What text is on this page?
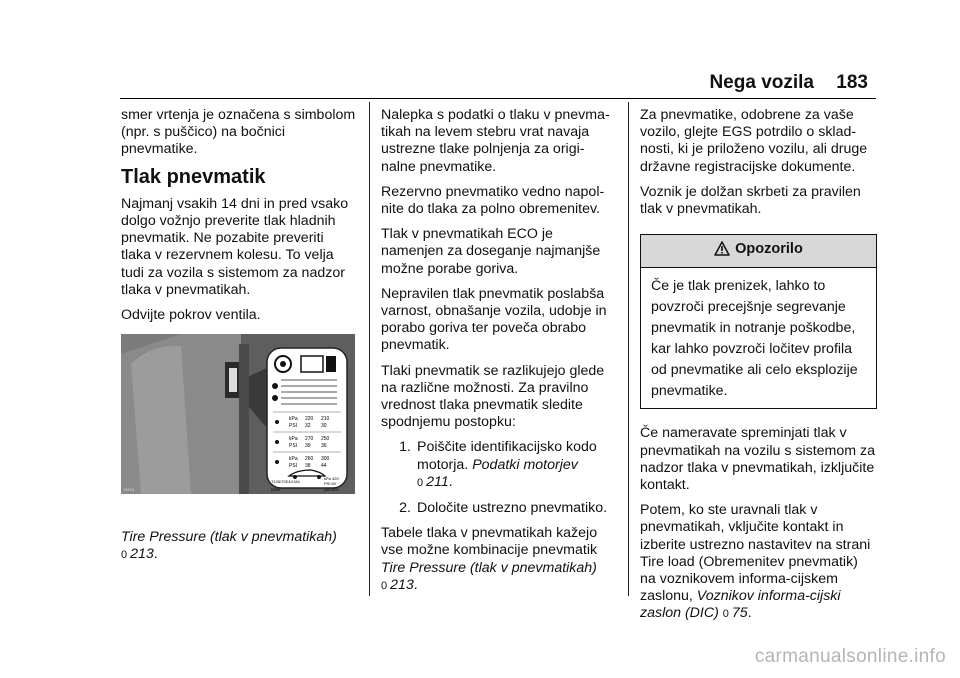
Nega vozila 183

smer vrtenja je označena s simbolom (npr. s puščico) na bočnici pnevmatike.

Tlak pnevmatik

Najmanj vsakih 14 dni in pred vsako dolgo vožnjo preverite tlak hladnih pnevmatik. Ne pozabite preveriti tlaka v rezervnem kolesu. To velja tudi za vozila s sistemom za nadzor tlaka v pnevmatikah.

Odvijte pokrov ventila.

kPa 220 210
PSI 32 30
kPa 270 250
PSI 39 36
kPa 260 300
PSI 38 44
T105/70D14 M4
kPa 420
PSI 60
DD50	pdo 0276
19194
Tire Pressure (tlak v pnevmatikah)
0 213.

Nalepka s podatki o tlaku v pnevma-tikah na levem stebru vrat navaja ustrezne tlake polnjenja za origi-nalne pnevmatike.

Rezervno pnevmatiko vedno napol-nite do tlaka za polno obremenitev.

Tlak v pnevmatikah ECO je namenjen za doseganje najmanjše možne porabe goriva.

Nepravilen tlak pnevmatik poslabša varnost, obnašanje vozila, udobje in porabo goriva ter poveča obrabo pnevmatik.

Tlaki pnevmatik se razlikujejo glede na različne možnosti. Za pravilno vrednost tlaka pnevmatik sledite spodnjemu postopku:

1. Poiščite identifikacijsko kodo motorja. Podatki motorjev
0 211.
2. Določite ustrezno pnevmatiko.

Tabele tlaka v pnevmatikah kažejo vse možne kombinacije pnevmatik Tire Pressure (tlak v pnevmatikah)
0 213.

Za pnevmatike, odobrene za vaše vozilo, glejte EGS potrdilo o sklad-nosti, ki je priloženo vozilu, ali druge državne registracijske dokumente.

Voznik je dolžan skrbeti za pravilen tlak v pnevmatikah.

Opozorilo
Če je tlak prenizek, lahko to povzroči precejšnje segrevanje pnevmatik in notranje poškodbe, kar lahko povzroči ločitev profila od pnevmatike ali celo eksplozije pnevmatike.

Če nameravate spreminjati tlak v pnevmatikah na vozilu s sistemom za nadzor tlaka v pnevmatikah, izključite kontakt.

Potem, ko ste uravnali tlak v pnevmatikah, vključite kontakt in izberite ustrezno nastavitev na strani Tire load (Obremenitev pnevmatik) na voznikovem informa-cijskem zaslonu, Voznikov informa-cijski zaslon (DIC) 0 75.

carmanualsonline.info
